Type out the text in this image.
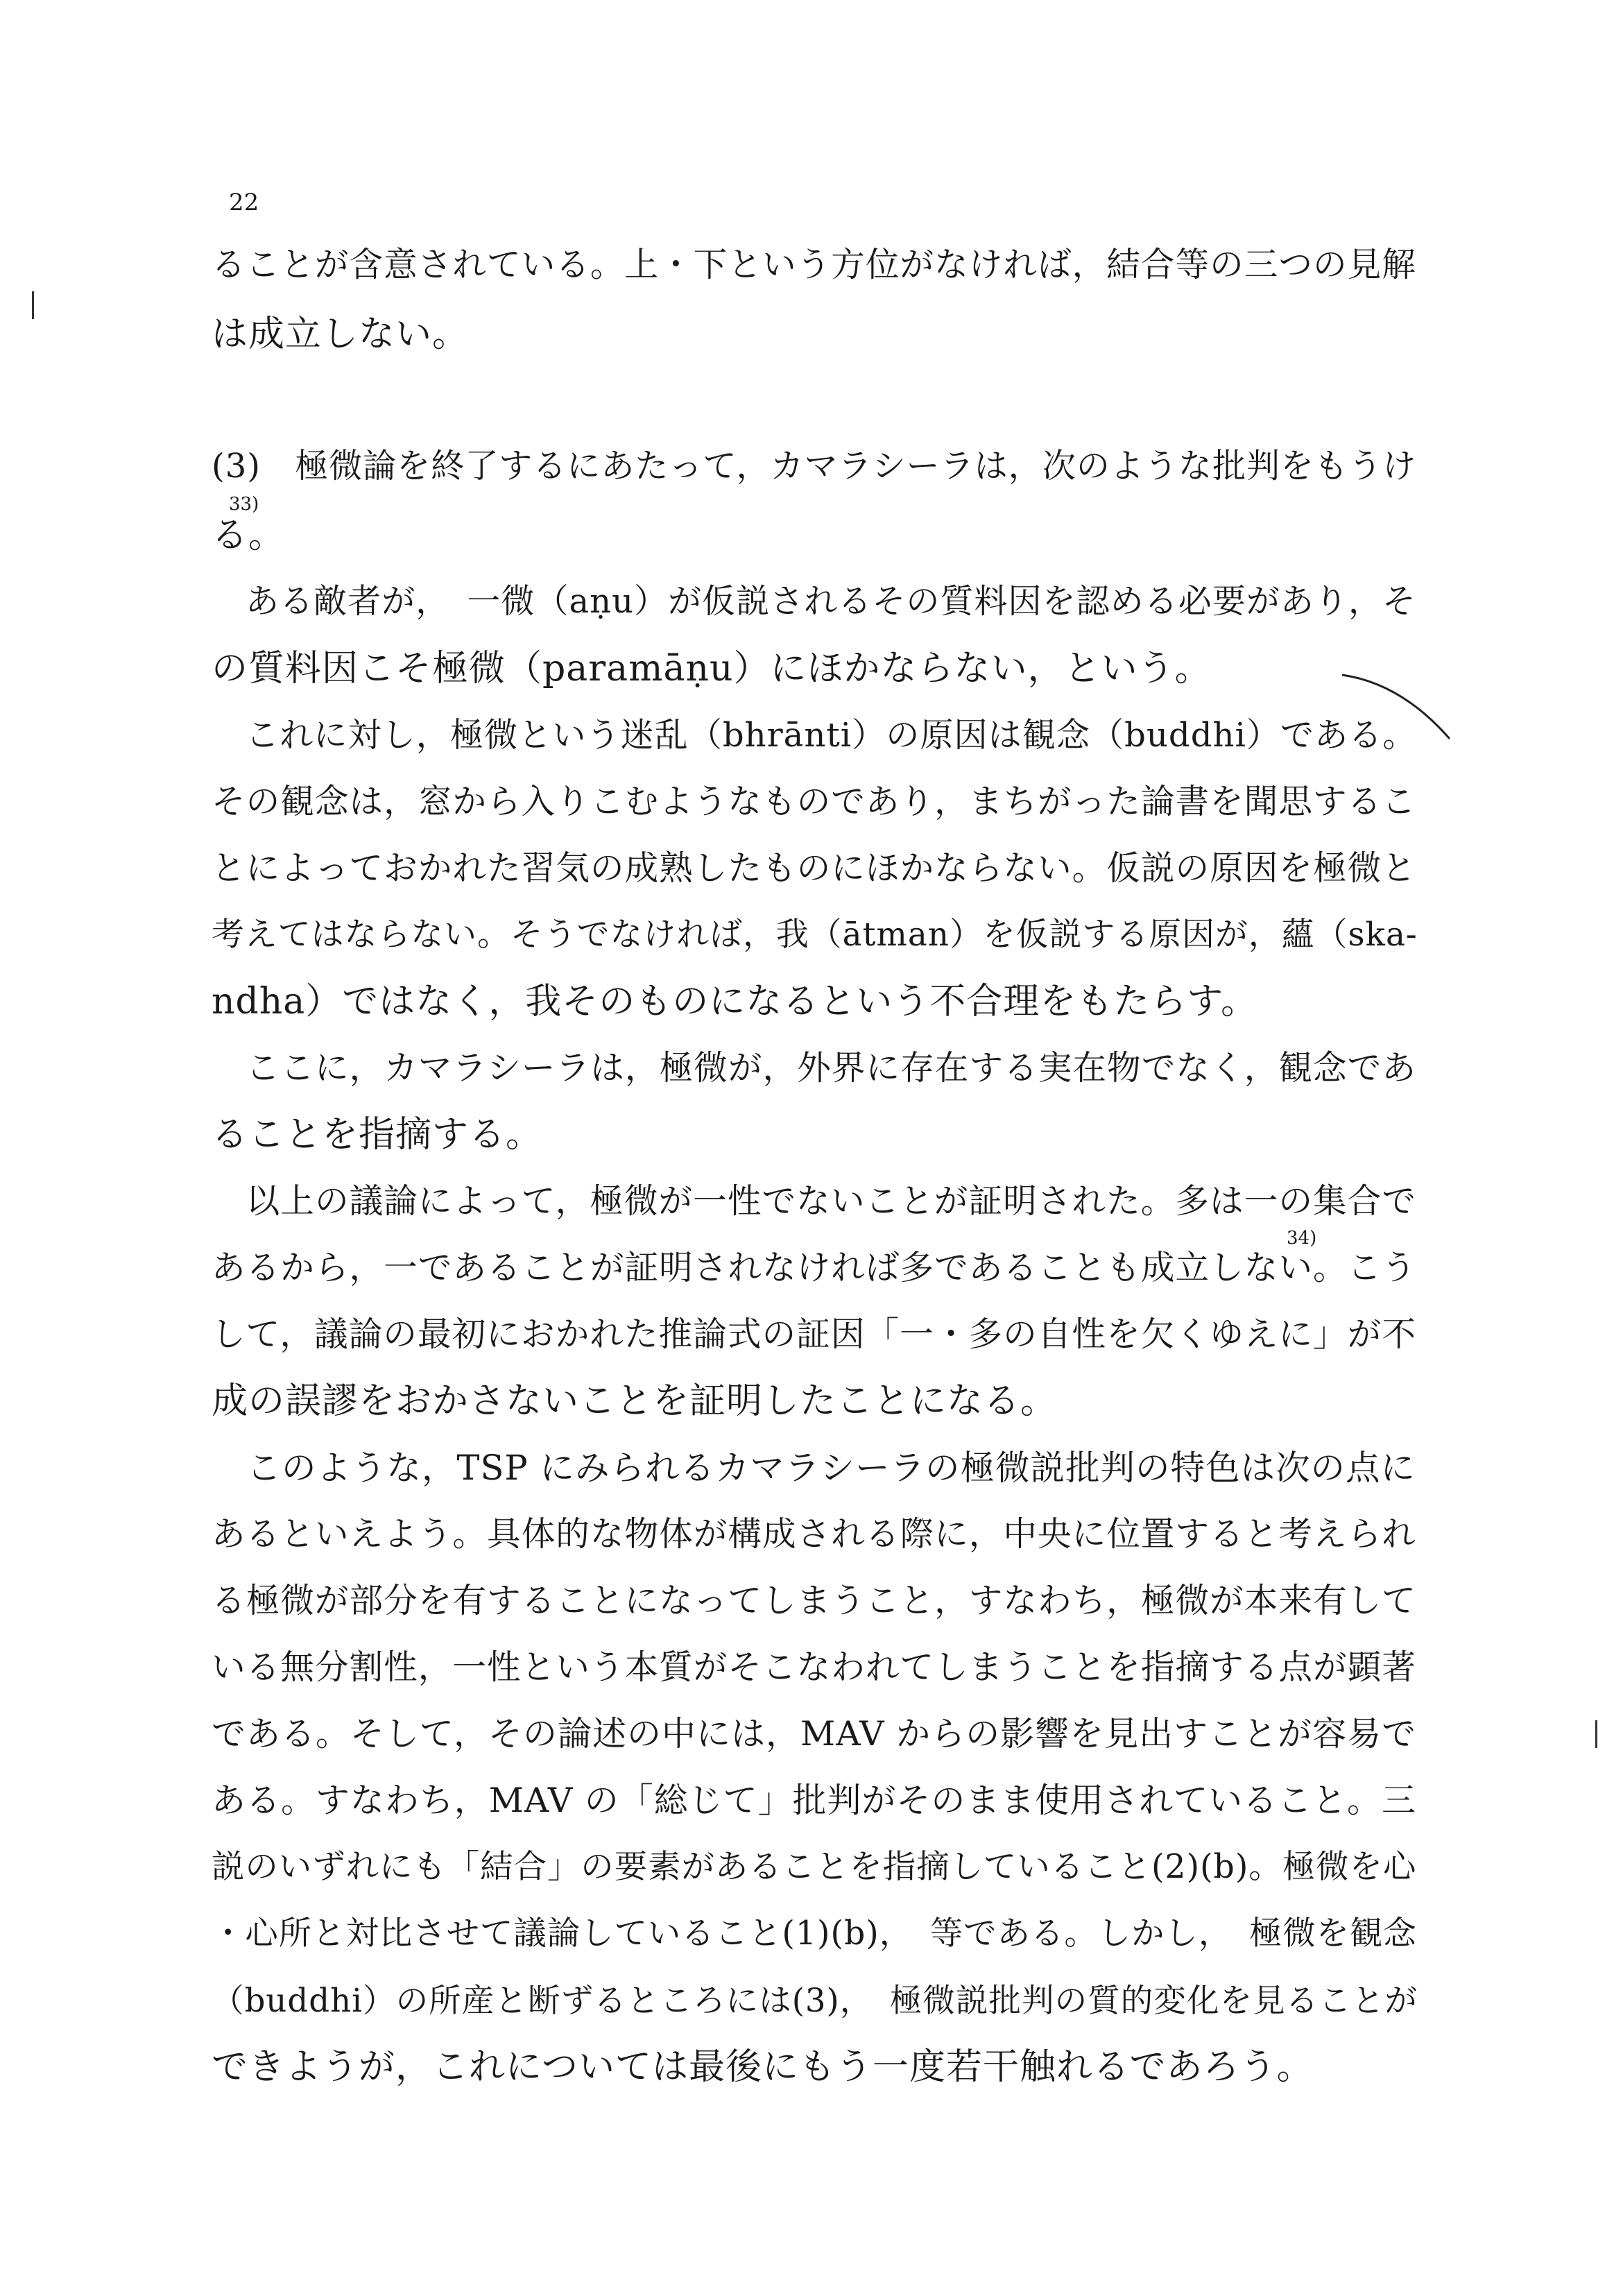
22
ることが含意されている。上・下という方位がなければ，結合等の三つの見解
は成立しない。
(3)　極微論を終了するにあたって，カマラシーラは，次のような批判をもうけ
33)
る。
　ある敵者が，　一微（aṇu）が仮説されるその質料因を認める必要があり，そ
の質料因こそ極微（paramāṇu）にほかならない，という。
　これに対し，極微という迷乱（bhrānti）の原因は観念（buddhi）である。
その観念は，窓から入りこむようなものであり，まちがった論書を聞思するこ
とによっておかれた習気の成熟したものにほかならない。仮説の原因を極微と
考えてはならない。そうでなければ，我（ātman）を仮説する原因が，蘊（ska-
ndha）ではなく，我そのものになるという不合理をもたらす。
　ここに，カマラシーラは，極微が，外界に存在する実在物でなく，観念であ
ることを指摘する。
　以上の議論によって，極微が一性でないことが証明された。多は一の集合で
34)
あるから，一であることが証明されなければ多であることも成立しない。こう
して，議論の最初におかれた推論式の証因「一・多の自性を欠くゆえに」が不
成の誤謬をおかさないことを証明したことになる。
　このような，TSP にみられるカマラシーラの極微説批判の特色は次の点に
あるといえよう。具体的な物体が構成される際に，中央に位置すると考えられ
る極微が部分を有することになってしまうこと，すなわち，極微が本来有して
いる無分割性，一性という本質がそこなわれてしまうことを指摘する点が顕著
である。そして，その論述の中には，MAV からの影響を見出すことが容易で
ある。すなわち，MAV の「総じて」批判がそのまま使用されていること。三
説のいずれにも「結合」の要素があることを指摘していること(2)(b)。極微を心
・心所と対比させて議論していること(1)(b)，　等である。しかし，　極微を観念
（buddhi）の所産と断ずるところには(3)，　極微説批判の質的変化を見ることが
できようが，これについては最後にもう一度若干触れるであろう。
